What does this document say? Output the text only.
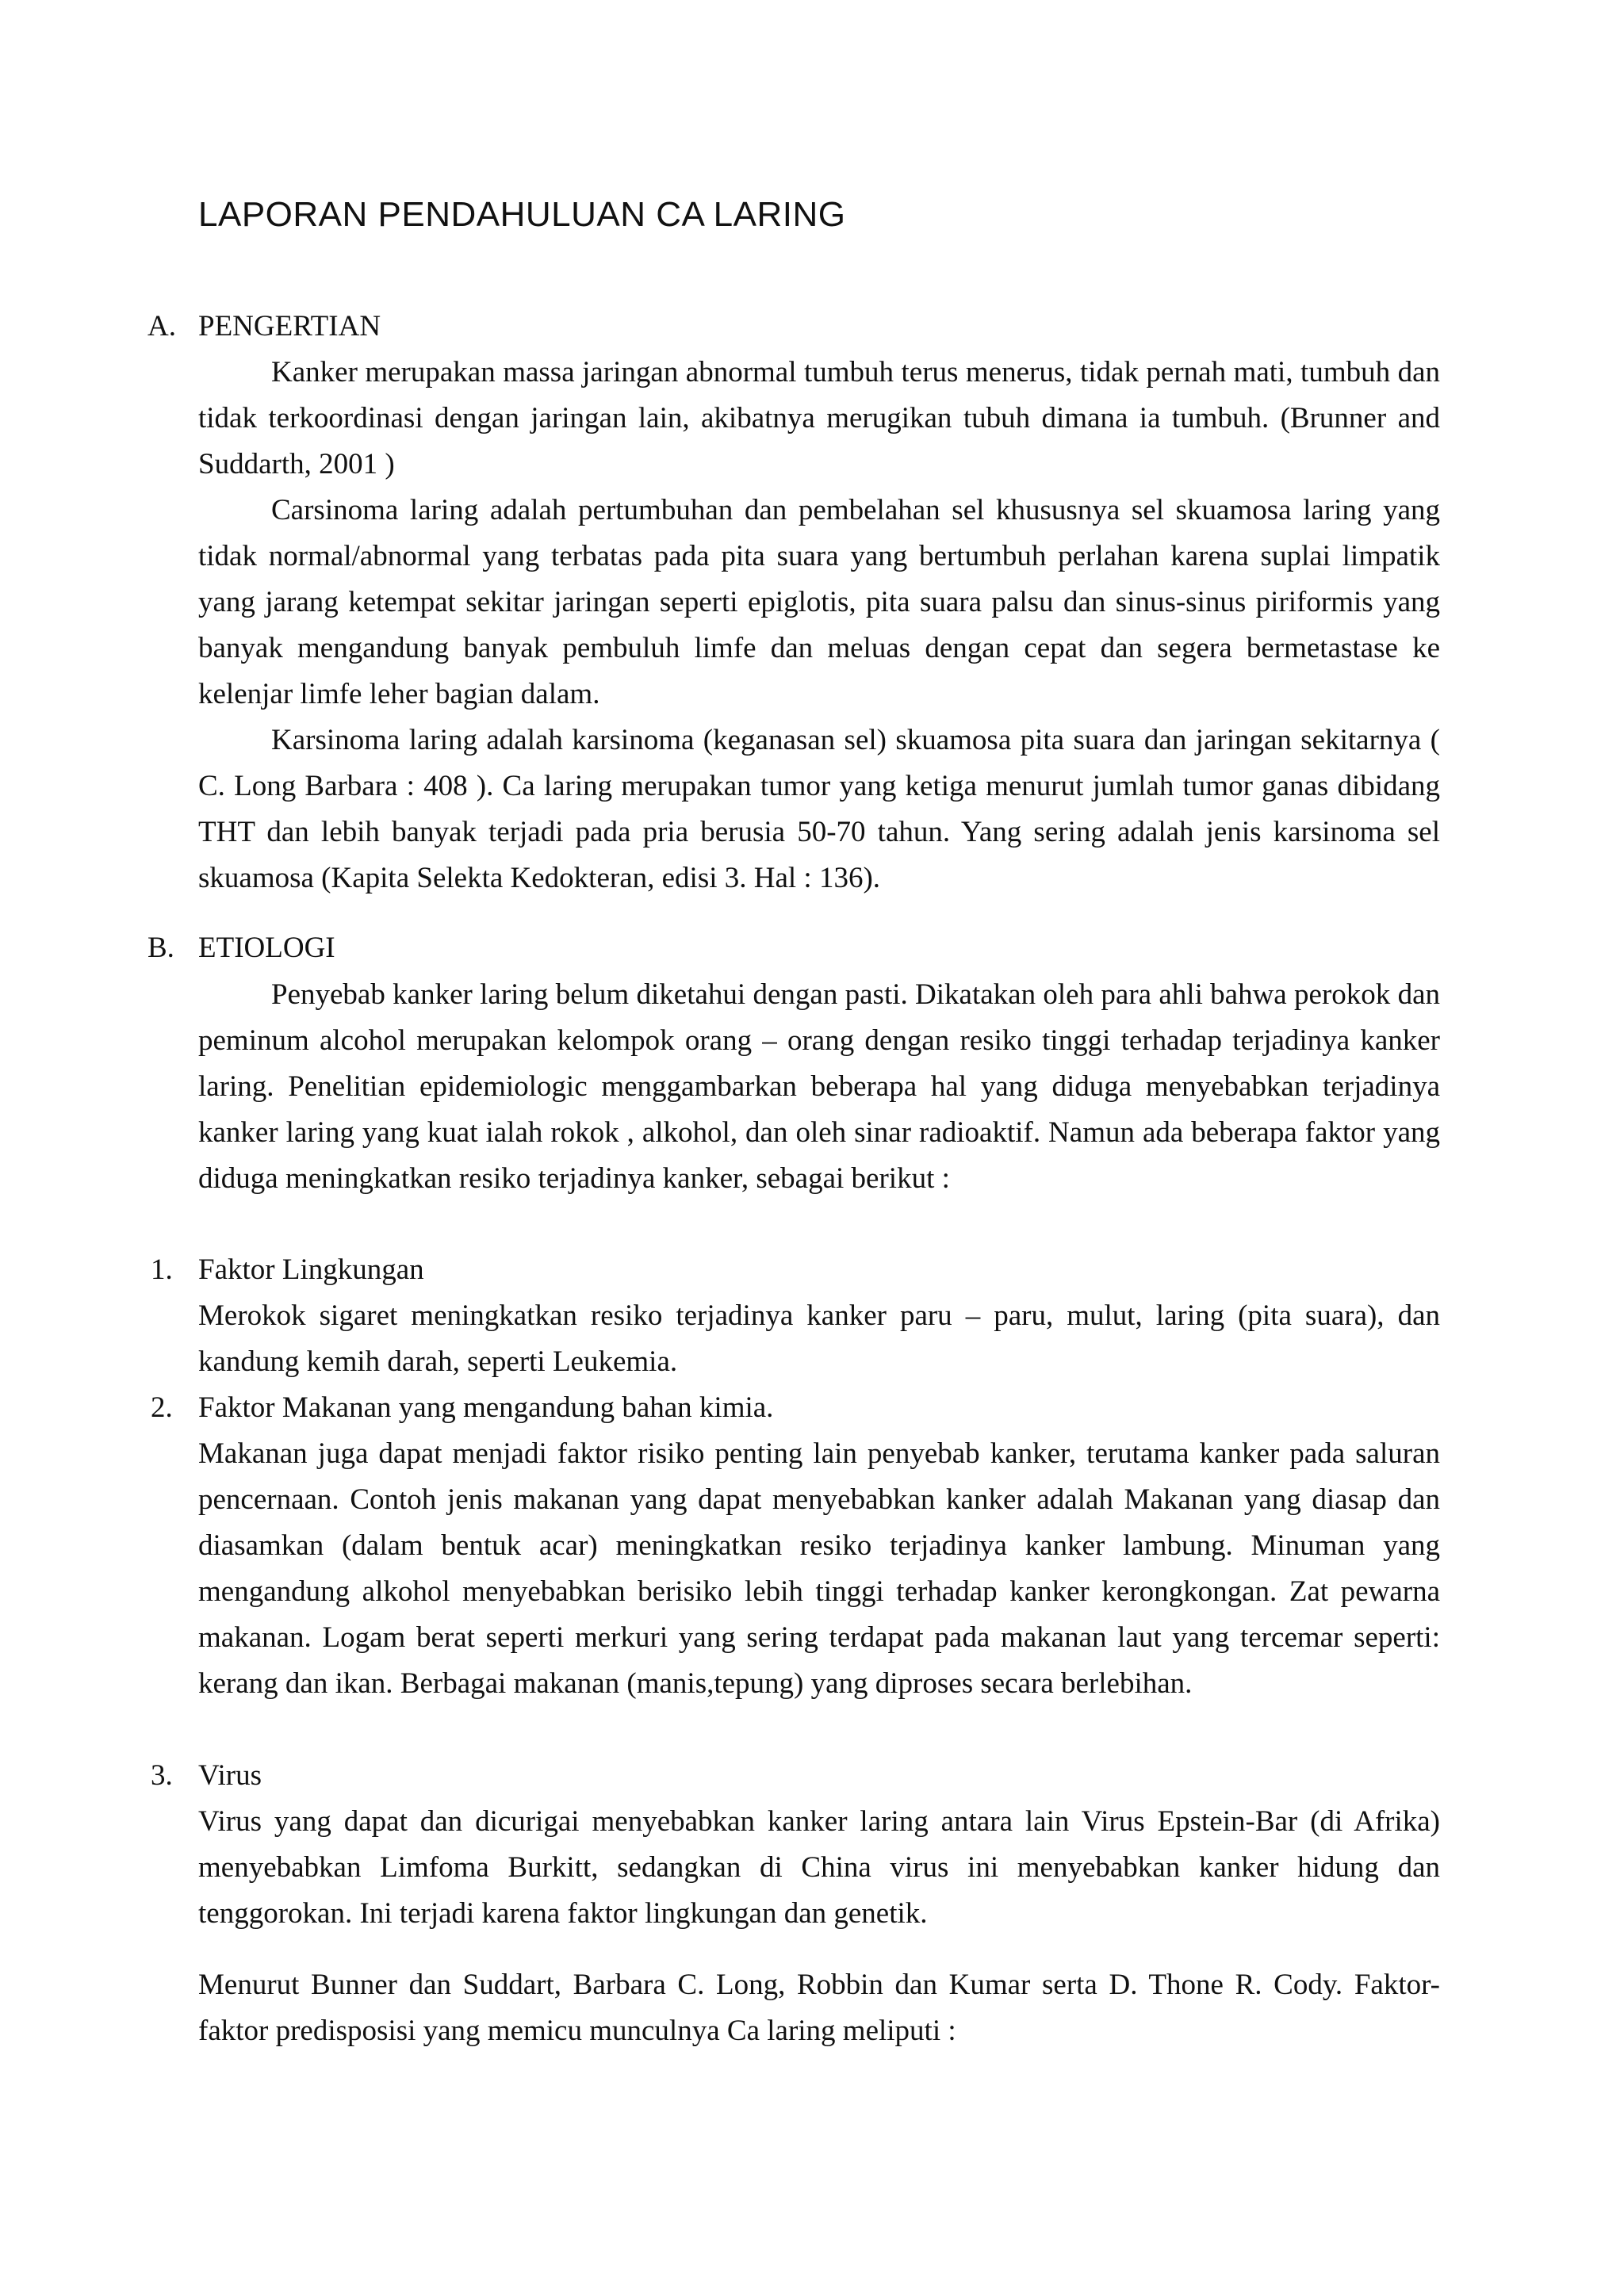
LAPORAN PENDAHULUAN CA LARING
A. PENGERTIAN

Kanker merupakan massa jaringan abnormal tumbuh terus menerus, tidak pernah mati, tumbuh dan tidak terkoordinasi dengan jaringan lain, akibatnya merugikan tubuh dimana ia tumbuh. (Brunner and Suddarth, 2001 )

Carsinoma laring adalah pertumbuhan dan pembelahan sel khususnya sel skuamosa laring yang tidak normal/abnormal yang terbatas pada pita suara yang bertumbuh perlahan karena suplai limpatik yang jarang ketempat sekitar jaringan seperti epiglotis, pita suara palsu dan sinus-sinus piriformis yang banyak mengandung banyak pembuluh limfe dan meluas dengan cepat dan segera bermetastase ke kelenjar limfe leher bagian dalam.

Karsinoma laring adalah karsinoma (keganasan sel) skuamosa pita suara dan jaringan sekitarnya ( C. Long Barbara : 408 ). Ca laring merupakan tumor yang ketiga menurut jumlah tumor ganas dibidang THT dan lebih banyak terjadi pada pria berusia 50-70 tahun. Yang sering adalah jenis karsinoma sel skuamosa (Kapita Selekta Kedokteran, edisi 3. Hal : 136).

B. ETIOLOGI

Penyebab kanker laring belum diketahui dengan pasti. Dikatakan oleh para ahli bahwa perokok dan peminum alcohol merupakan kelompok orang – orang dengan resiko tinggi terhadap terjadinya kanker laring. Penelitian epidemiologic menggambarkan beberapa hal yang diduga menyebabkan terjadinya kanker laring yang kuat ialah rokok , alkohol, dan oleh sinar radioaktif. Namun ada beberapa faktor yang diduga meningkatkan resiko terjadinya kanker, sebagai berikut :

1. Faktor Lingkungan

Merokok sigaret meningkatkan resiko terjadinya kanker paru – paru, mulut, laring (pita suara), dan kandung kemih darah, seperti Leukemia.

2. Faktor Makanan yang mengandung bahan kimia.

Makanan juga dapat menjadi faktor risiko penting lain penyebab kanker, terutama kanker pada saluran pencernaan. Contoh jenis makanan yang dapat menyebabkan kanker adalah Makanan yang diasap dan diasamkan (dalam bentuk acar) meningkatkan resiko terjadinya kanker lambung. Minuman yang mengandung alkohol menyebabkan berisiko lebih tinggi terhadap kanker kerongkongan. Zat pewarna makanan. Logam berat seperti merkuri yang sering terdapat pada makanan laut yang tercemar seperti: kerang dan ikan. Berbagai makanan (manis,tepung) yang diproses secara berlebihan.

3. Virus

Virus yang dapat dan dicurigai menyebabkan kanker laring antara lain Virus Epstein-Bar (di Afrika) menyebabkan Limfoma Burkitt, sedangkan di China virus ini menyebabkan kanker hidung dan tenggorokan. Ini terjadi karena faktor lingkungan dan genetik.

Menurut Bunner dan Suddart, Barbara C. Long, Robbin dan Kumar serta D. Thone R. Cody. Faktor-faktor predisposisi yang memicu munculnya Ca laring meliputi :
